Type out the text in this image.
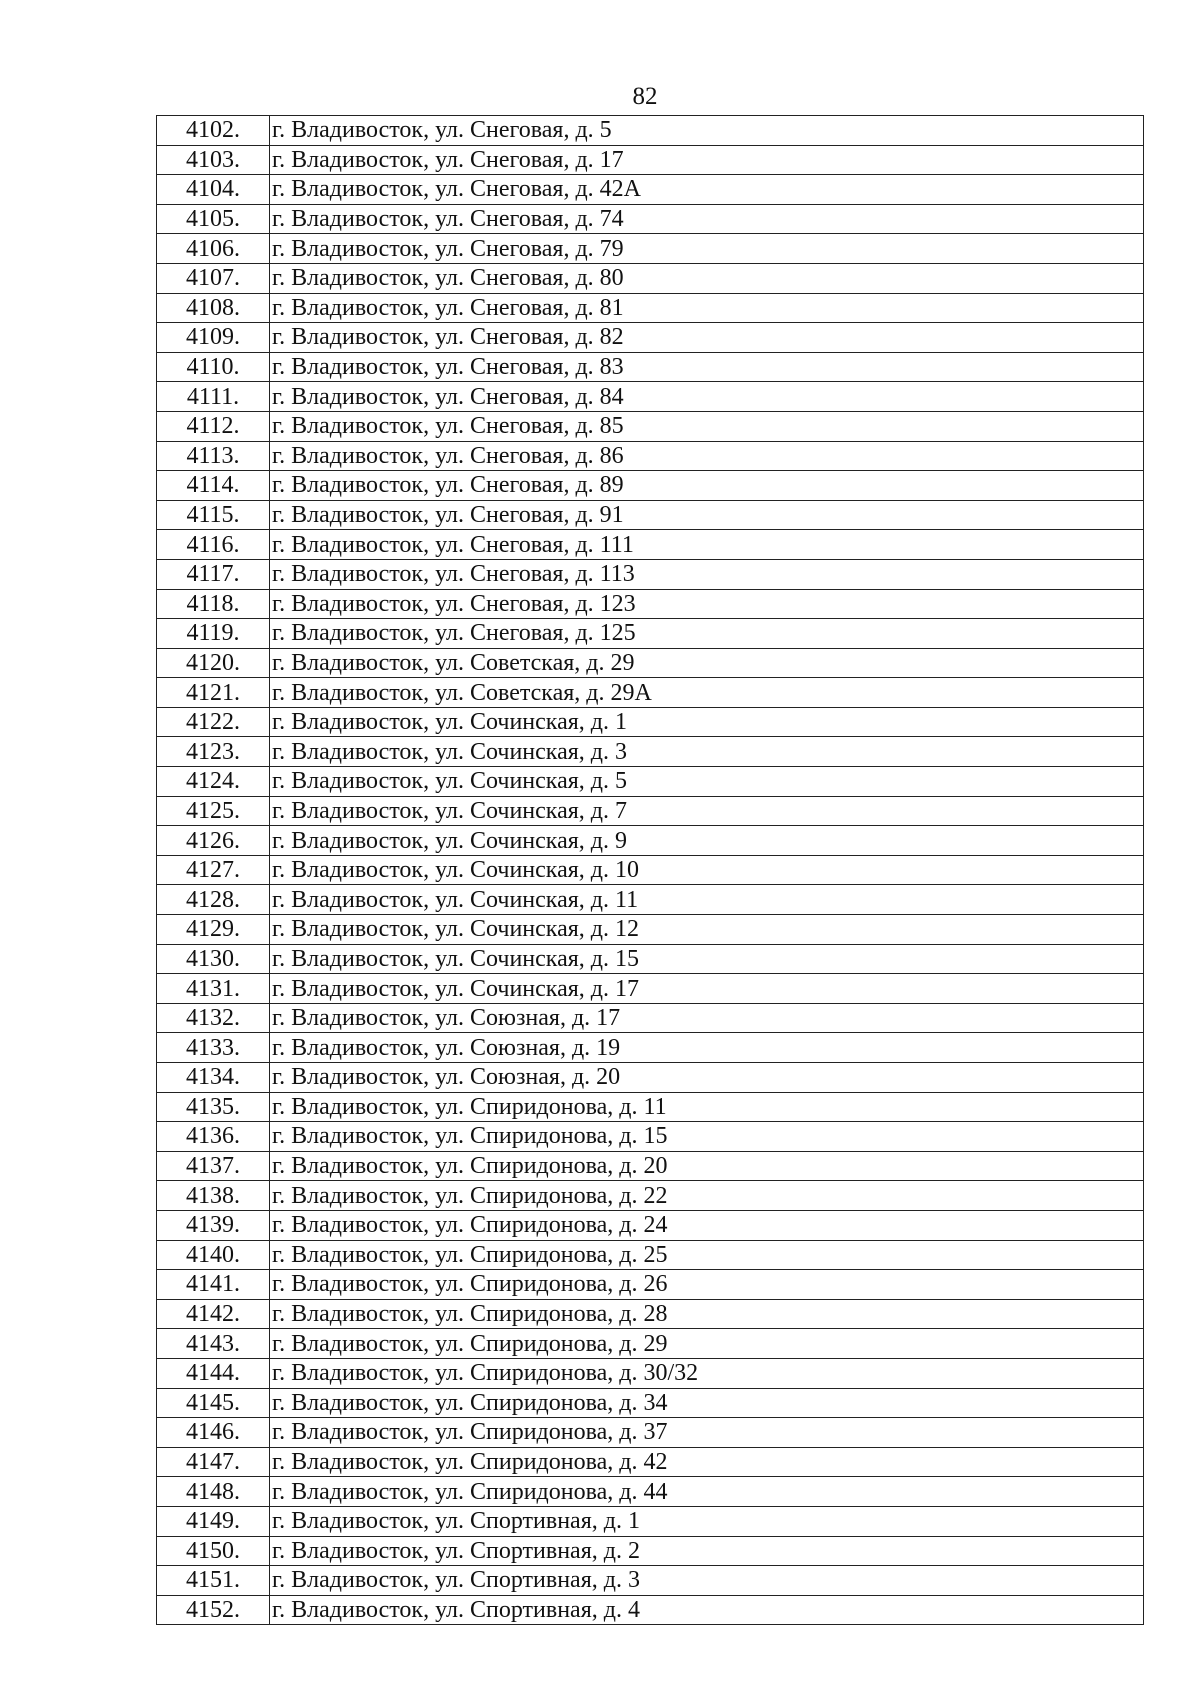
82
4102.	г. Владивосток, ул. Снеговая, д. 5
4103.	г. Владивосток, ул. Снеговая, д. 17
4104.	г. Владивосток, ул. Снеговая, д. 42А
4105.	г. Владивосток, ул. Снеговая, д. 74
4106.	г. Владивосток, ул. Снеговая, д. 79
4107.	г. Владивосток, ул. Снеговая, д. 80
4108.	г. Владивосток, ул. Снеговая, д. 81
4109.	г. Владивосток, ул. Снеговая, д. 82
4110.	г. Владивосток, ул. Снеговая, д. 83
4111.	г. Владивосток, ул. Снеговая, д. 84
4112.	г. Владивосток, ул. Снеговая, д. 85
4113.	г. Владивосток, ул. Снеговая, д. 86
4114.	г. Владивосток, ул. Снеговая, д. 89
4115.	г. Владивосток, ул. Снеговая, д. 91
4116.	г. Владивосток, ул. Снеговая, д. 111
4117.	г. Владивосток, ул. Снеговая, д. 113
4118.	г. Владивосток, ул. Снеговая, д. 123
4119.	г. Владивосток, ул. Снеговая, д. 125
4120.	г. Владивосток, ул. Советская, д. 29
4121.	г. Владивосток, ул. Советская, д. 29А
4122.	г. Владивосток, ул. Сочинская, д. 1
4123.	г. Владивосток, ул. Сочинская, д. 3
4124.	г. Владивосток, ул. Сочинская, д. 5
4125.	г. Владивосток, ул. Сочинская, д. 7
4126.	г. Владивосток, ул. Сочинская, д. 9
4127.	г. Владивосток, ул. Сочинская, д. 10
4128.	г. Владивосток, ул. Сочинская, д. 11
4129.	г. Владивосток, ул. Сочинская, д. 12
4130.	г. Владивосток, ул. Сочинская, д. 15
4131.	г. Владивосток, ул. Сочинская, д. 17
4132.	г. Владивосток, ул. Союзная, д. 17
4133.	г. Владивосток, ул. Союзная, д. 19
4134.	г. Владивосток, ул. Союзная, д. 20
4135.	г. Владивосток, ул. Спиридонова, д. 11
4136.	г. Владивосток, ул. Спиридонова, д. 15
4137.	г. Владивосток, ул. Спиридонова, д. 20
4138.	г. Владивосток, ул. Спиридонова, д. 22
4139.	г. Владивосток, ул. Спиридонова, д. 24
4140.	г. Владивосток, ул. Спиридонова, д. 25
4141.	г. Владивосток, ул. Спиридонова, д. 26
4142.	г. Владивосток, ул. Спиридонова, д. 28
4143.	г. Владивосток, ул. Спиридонова, д. 29
4144.	г. Владивосток, ул. Спиридонова, д. 30/32
4145.	г. Владивосток, ул. Спиридонова, д. 34
4146.	г. Владивосток, ул. Спиридонова, д. 37
4147.	г. Владивосток, ул. Спиридонова, д. 42
4148.	г. Владивосток, ул. Спиридонова, д. 44
4149.	г. Владивосток, ул. Спортивная, д. 1
4150.	г. Владивосток, ул. Спортивная, д. 2
4151.	г. Владивосток, ул. Спортивная, д. 3
4152.	г. Владивосток, ул. Спортивная, д. 4
